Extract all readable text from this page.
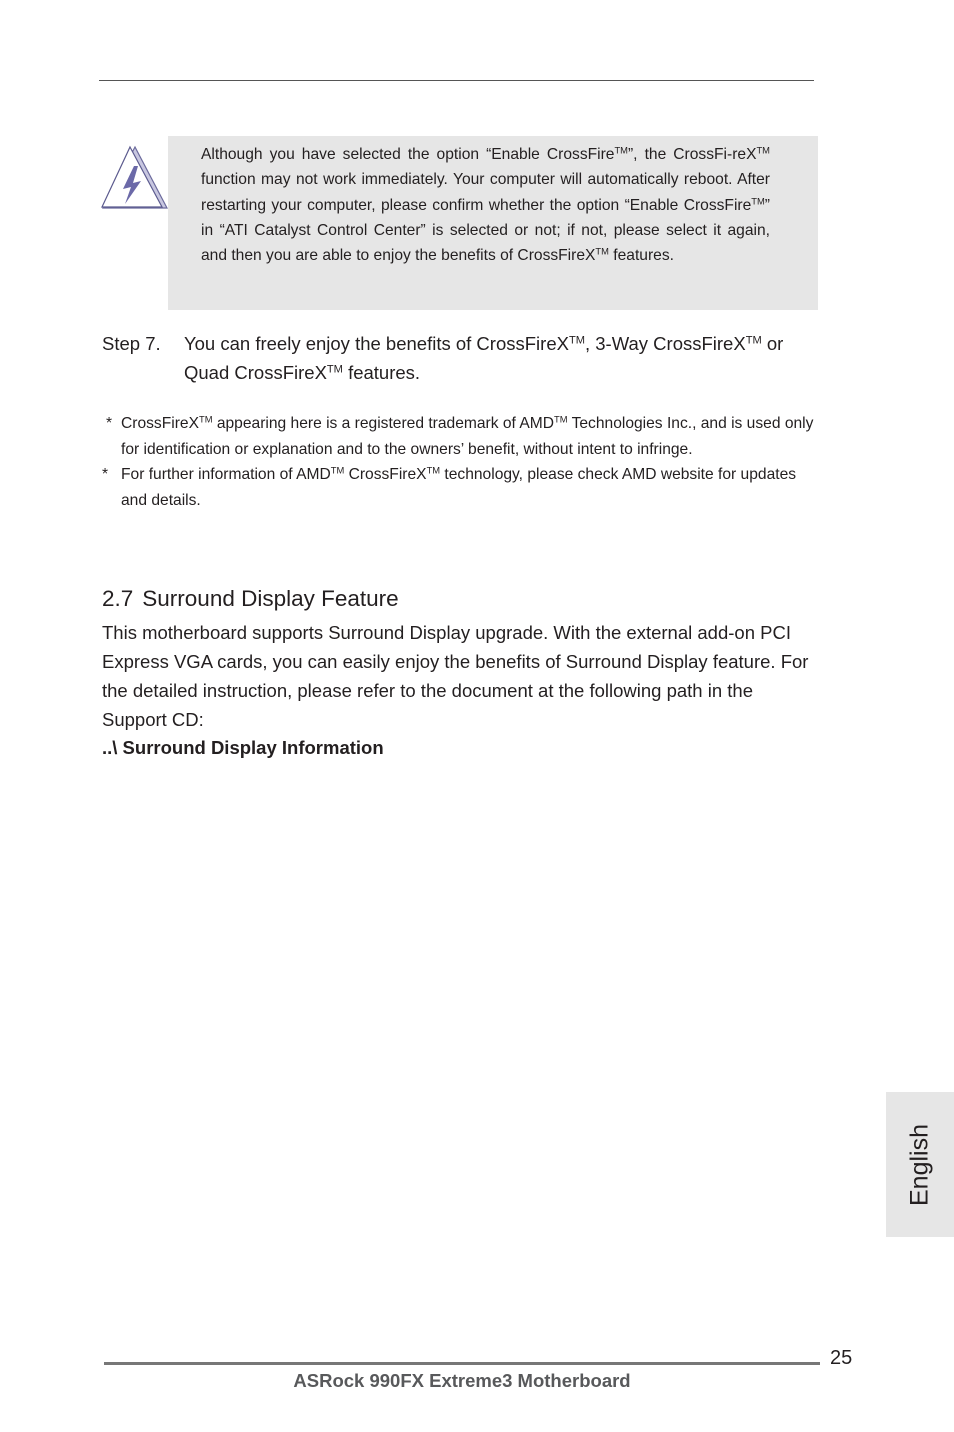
Although you have selected the option “Enable CrossFire™”, the CrossFi-reX™ function may not work immediately. Your computer will automatically reboot. After restarting your computer, please confirm whether the option “Enable CrossFire™” in “ATI Catalyst Control Center” is selected or not; if not, please select it again, and then you are able to enjoy the benefits of CrossFireX™ features.

Step 7. You can freely enjoy the benefits of CrossFireX™, 3-Way CrossFireX™ or Quad CrossFireX™ features.

* CrossFireX™ appearing here is a registered trademark of AMD™ Technologies Inc., and is used only for identification or explanation and to the owners’ benefit, without intent to infringe.

* For further information of AMD™ CrossFireX™ technology, please check AMD website for updates and details.

2.7 Surround Display Feature

This motherboard supports Surround Display upgrade. With the external add-on PCI Express VGA cards, you can easily enjoy the benefits of Surround Display feature. For the detailed instruction, please refer to the document at the following path in the Support CD:

..\ Surround Display Information
English
25
ASRock 990FX Extreme3 Motherboard
